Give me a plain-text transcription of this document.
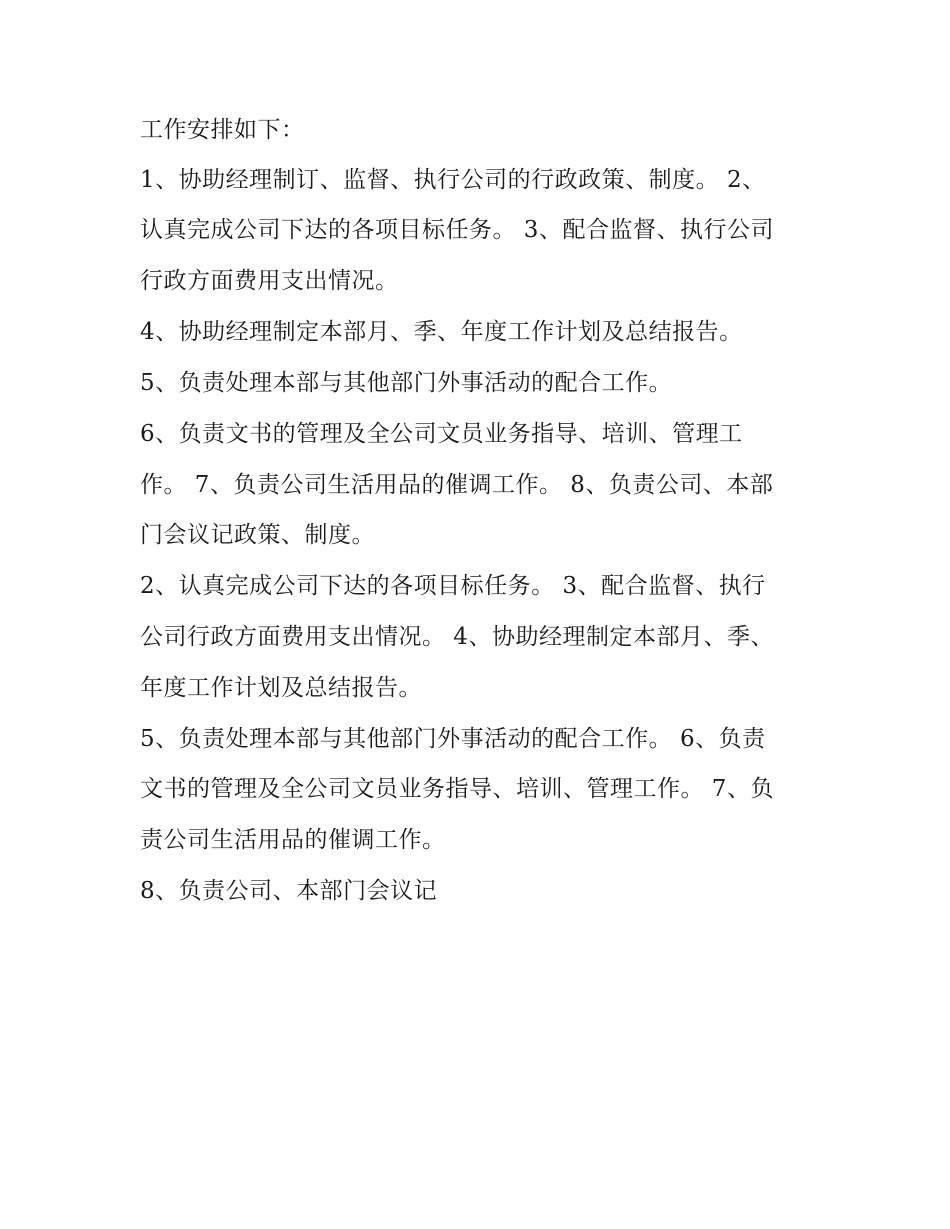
工作安排如下：

1、协助经理制订、监督、执行公司的行政政策、制度。 2、

认真完成公司下达的各项目标任务。 3、配合监督、执行公司

行政方面费用支出情况。

4、协助经理制定本部月、季、年度工作计划及总结报告。

5、负责处理本部与其他部门外事活动的配合工作。

6、负责文书的管理及全公司文员业务指导、培训、管理工

作。 7、负责公司生活用品的催调工作。 8、负责公司、本部

门会议记政策、制度。

2、认真完成公司下达的各项目标任务。 3、配合监督、执行

公司行政方面费用支出情况。 4、协助经理制定本部月、季、

年度工作计划及总结报告。

5、负责处理本部与其他部门外事活动的配合工作。 6、负责

文书的管理及全公司文员业务指导、培训、管理工作。 7、负

责公司生活用品的催调工作。

8、负责公司、本部门会议记
